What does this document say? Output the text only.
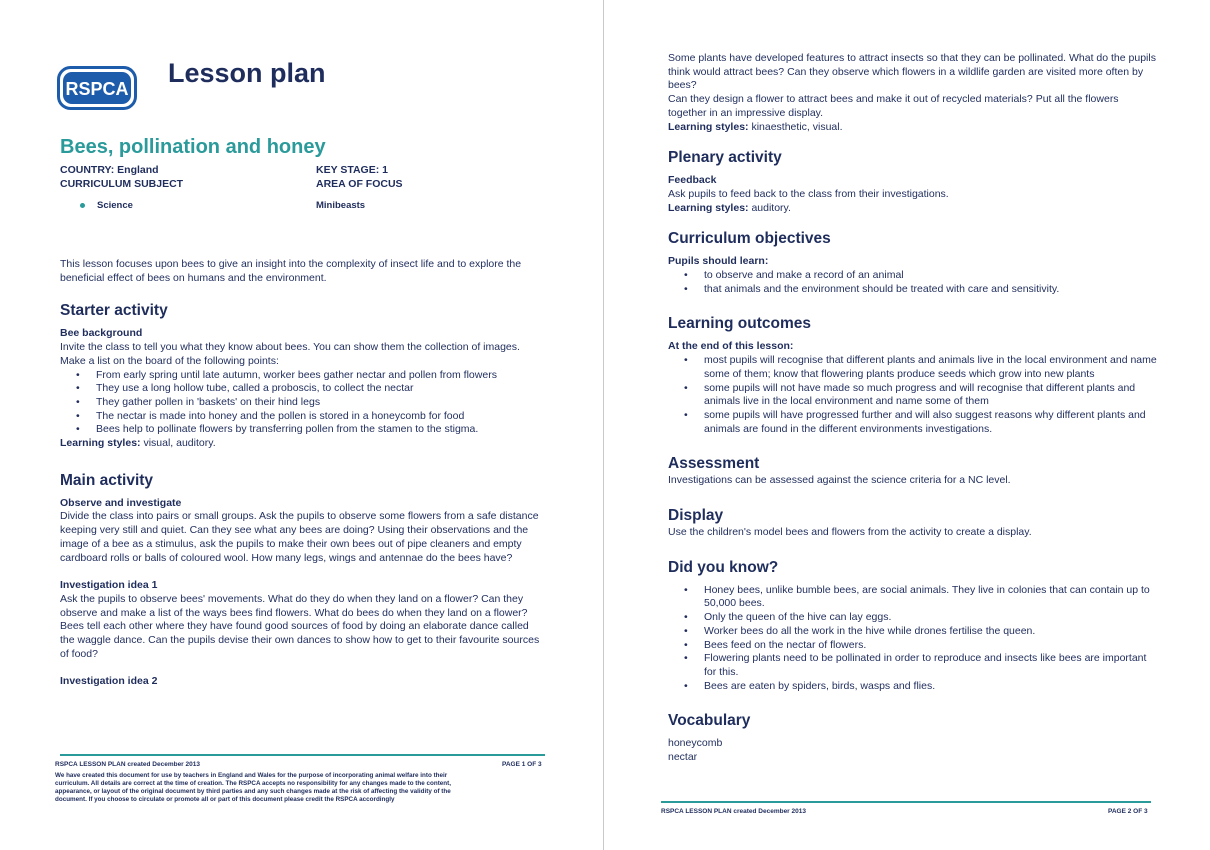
RSPCA
Lesson plan
Bees, pollination and honey
COUNTRY: England	KEY STAGE: 1
CURRICULUM SUBJECT	AREA OF FOCUS
Science	Minibeasts

This lesson focuses upon bees to give an insight into the complexity of insect life and to explore the beneficial effect of bees on humans and the environment.

Starter activity
Bee background

Invite the class to tell you what they know about bees. You can show them the collection of images.

Make a list on the board of the following points:

• From early spring until late autumn, worker bees gather nectar and pollen from flowers
• They use a long hollow tube, called a proboscis, to collect the nectar
• They gather pollen in 'baskets' on their hind legs
• The nectar is made into honey and the pollen is stored in a honeycomb for food
• Bees help to pollinate flowers by transferring pollen from the stamen to the stigma.

Learning styles: visual, auditory.

Main activity
Observe and investigate

Divide the class into pairs or small groups. Ask the pupils to observe some flowers from a safe distance keeping very still and quiet. Can they see what any bees are doing? Using their observations and the image of a bee as a stimulus, ask the pupils to make their own bees out of pipe cleaners and empty cardboard rolls or balls of coloured wool. How many legs, wings and antennae do the bees have?

Investigation idea 1

Ask the pupils to observe bees' movements. What do they do when they land on a flower? Can they observe and make a list of the ways bees find flowers. What do bees do when they land on a flower? Bees tell each other where they have found good sources of food by doing an elaborate dance called the waggle dance. Can the pupils devise their own dances to show how to get to their favourite sources of food?

Investigation idea 2
RSPCA LESSON PLAN created December 2013	PAGE 1 OF 3
We have created this document for use by teachers in England and Wales for the purpose of incorporating animal welfare into their curriculum. All details are correct at the time of creation. The RSPCA accepts no responsibility for any changes made to the content, appearance, or layout of the original document by third parties and any such changes made at the risk of affecting the validity of the document. If you choose to circulate or promote all or part of this document please credit the RSPCA accordingly

Some plants have developed features to attract insects so that they can be pollinated. What do the pupils think would attract bees? Can they observe which flowers in a wildlife garden are visited more often by bees?

Can they design a flower to attract bees and make it out of recycled materials? Put all the flowers together in an impressive display.

Learning styles: kinaesthetic, visual.

Plenary activity
Feedback

Ask pupils to feed back to the class from their investigations.

Learning styles: auditory.

Curriculum objectives
Pupils should learn:
• to observe and make a record of an animal
• that animals and the environment should be treated with care and sensitivity.
Learning outcomes
At the end of this lesson:
• most pupils will recognise that different plants and animals live in the local environment and name some of them; know that flowering plants produce seeds which grow into new plants
• some pupils will not have made so much progress and will recognise that different plants and animals live in the local environment and name some of them
• some pupils will have progressed further and will also suggest reasons why different plants and animals are found in the different environments investigations.
Assessment

Investigations can be assessed against the science criteria for a NC level.

Display

Use the children's model bees and flowers from the activity to create a display.

Did you know?
• Honey bees, unlike bumble bees, are social animals. They live in colonies that can contain up to 50,000 bees.
• Only the queen of the hive can lay eggs.
• Worker bees do all the work in the hive while drones fertilise the queen.
• Bees feed on the nectar of flowers.
• Flowering plants need to be pollinated in order to reproduce and insects like bees are important for this.
• Bees are eaten by spiders, birds, wasps and flies.
Vocabulary

honeycomb

nectar

RSPCA LESSON PLAN created December 2013	PAGE 2 OF 3
